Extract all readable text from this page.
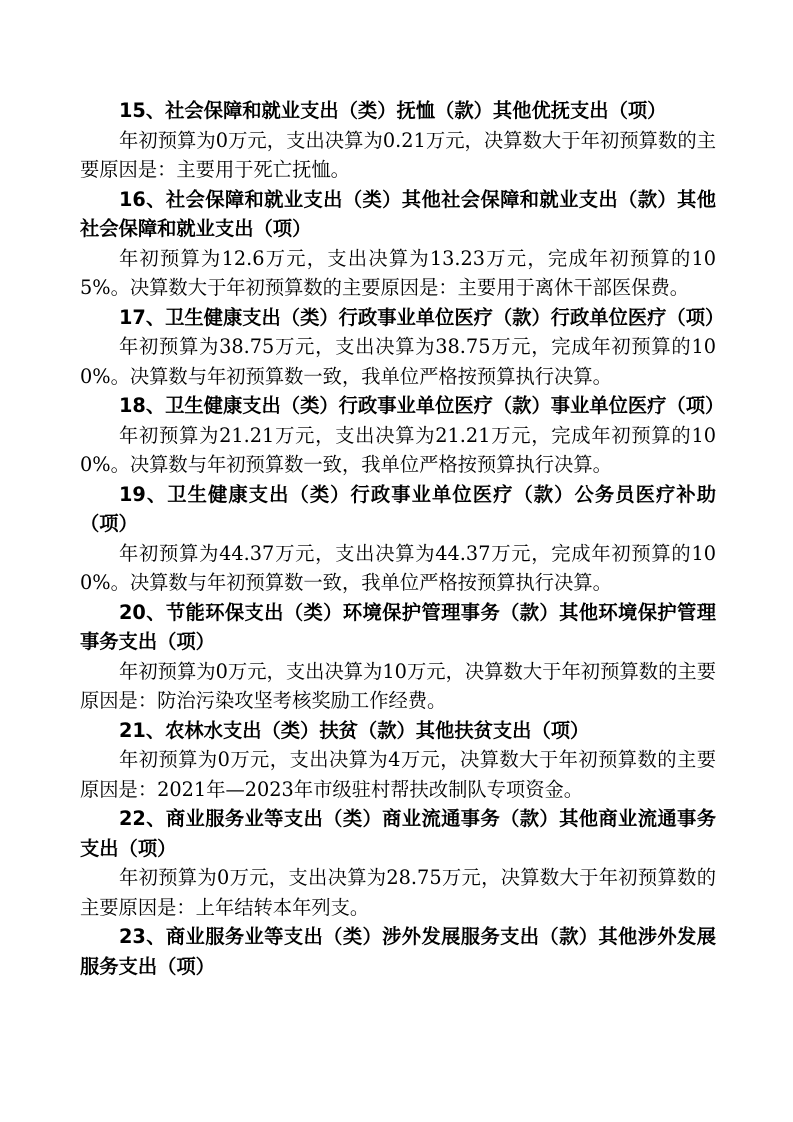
15、社会保障和就业支出（类）抚恤（款）其他优抚支出（项）

年初预算为0万元，支出决算为0.21万元，决算数大于年初预算数的主要原因是：主要用于死亡抚恤。

16、社会保障和就业支出（类）其他社会保障和就业支出（款）其他社会保障和就业支出（项）

年初预算为12.6万元，支出决算为13.23万元，完成年初预算的105%。决算数大于年初预算数的主要原因是：主要用于离休干部医保费。

17、卫生健康支出（类）行政事业单位医疗（款）行政单位医疗（项）

年初预算为38.75万元，支出决算为38.75万元，完成年初预算的100%。决算数与年初预算数一致，我单位严格按预算执行决算。

18、卫生健康支出（类）行政事业单位医疗（款）事业单位医疗（项）

年初预算为21.21万元，支出决算为21.21万元，完成年初预算的100%。决算数与年初预算数一致，我单位严格按预算执行决算。

19、卫生健康支出（类）行政事业单位医疗（款）公务员医疗补助（项）

年初预算为44.37万元，支出决算为44.37万元，完成年初预算的100%。决算数与年初预算数一致，我单位严格按预算执行决算。

20、节能环保支出（类）环境保护管理事务（款）其他环境保护管理事务支出（项）

年初预算为0万元，支出决算为10万元，决算数大于年初预算数的主要原因是：防治污染攻坚考核奖励工作经费。

21、农林水支出（类）扶贫（款）其他扶贫支出（项）

年初预算为0万元，支出决算为4万元，决算数大于年初预算数的主要原因是：2021年—2023年市级驻村帮扶改制队专项资金。

22、商业服务业等支出（类）商业流通事务（款）其他商业流通事务支出（项）

年初预算为0万元，支出决算为28.75万元，决算数大于年初预算数的主要原因是：上年结转本年列支。

23、商业服务业等支出（类）涉外发展服务支出（款）其他涉外发展服务支出（项）
